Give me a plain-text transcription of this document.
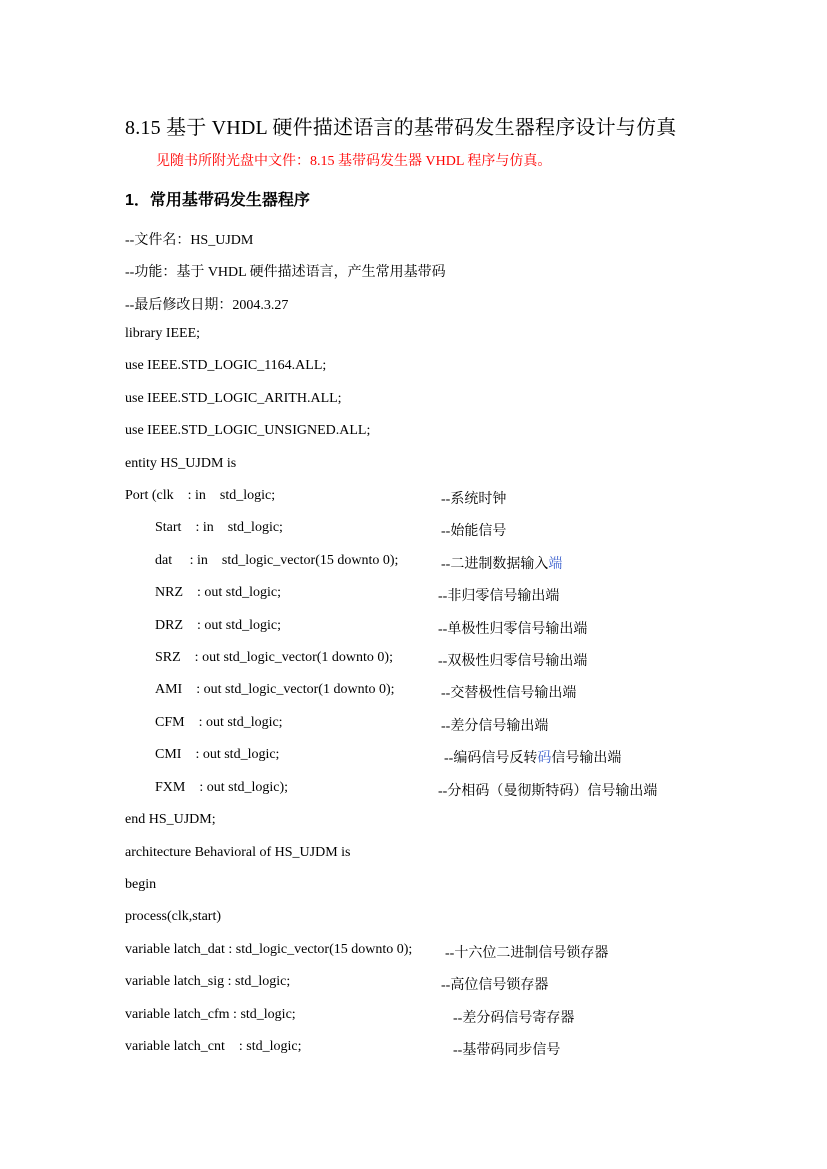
8.15 基于 VHDL 硬件描述语言的基带码发生器程序设计与仿真
见随书所附光盘中文件：8.15 基带码发生器 VHDL 程序与仿真。
1．常用基带码发生器程序
--文件名：HS_UJDM
--功能：基于 VHDL 硬件描述语言，产生常用基带码
--最后修改日期：2004.3.27
library IEEE;
use IEEE.STD_LOGIC_1164.ALL;
use IEEE.STD_LOGIC_ARITH.ALL;
use IEEE.STD_LOGIC_UNSIGNED.ALL;
entity HS_UJDM is
Port (clk    : in    std_logic;	--系统时钟
Start    : in    std_logic;	--始能信号
dat     : in    std_logic_vector(15 downto 0);	--二进制数据输入端
NRZ    : out std_logic;	--非归零信号输出端
DRZ    : out std_logic;	--单极性归零信号输出端
SRZ    : out std_logic_vector(1 downto 0);	--双极性归零信号输出端
AMI    : out std_logic_vector(1 downto 0);	--交替极性信号输出端
CFM    : out std_logic;	--差分信号输出端
CMI    : out std_logic;	--编码信号反转码信号输出端
FXM    : out std_logic);	--分相码（曼彻斯特码）信号输出端
end HS_UJDM;
architecture Behavioral of HS_UJDM is
begin
process(clk,start)
variable latch_dat : std_logic_vector(15 downto 0); --十六位二进制信号锁存器
variable latch_sig : std_logic;	--高位信号锁存器
variable latch_cfm : std_logic;	--差分码信号寄存器
variable latch_cnt    : std_logic;	--基带码同步信号
